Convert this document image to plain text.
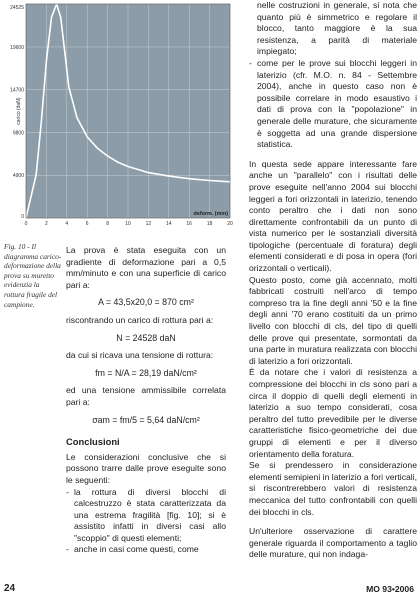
24525
19600
14700
9800
4900
0
0	2	4	6	8	10	12	14	16	18	20
carico (daN)
deform. (mm)
Fig. 10 - Il diagramma carico-deformazione della prova su muretto evidenzia la rottura fragile del campione.

La prova è stata eseguita con un gradiente di deformazione pari a 0,5 mm/minuto e con una superficie di carico pari a:

A = 43,5x20,0 = 870 cm²

riscontrando un carico di rottura pari a:

N = 24528 daN

da cui si ricava una tensione di rottura:

fm = N/A = 28,19 daN/cm²

ed una tensione ammissibile correlata pari a:

σam = fm/5 = 5,64 daN/cm²

Conclusioni

Le considerazioni conclusive che si possono trarre dalle prove eseguite sono le seguenti:

- la rottura di diversi blocchi di calcestruzzo è stata caratterizzata da una estrema fragilità [fig. 10]; si è assistito infatti in diversi casi allo "scoppio" di questi elementi;
- anche in casi come questi, come

nelle costruzioni in generale, si nota che quanto più è simmetrico e regolare il blocco, tanto maggiore è la sua resistenza, a parità di materiale impiegato;

- come per le prove sui blocchi leggeri in laterizio (cfr. M.O. n. 84 - Settembre 2004), anche in questo caso non è possibile correlare in modo esaustivo i dati di prova con la "popolazione" in generale delle murature, che sicuramente è soggetta ad una grande dispersione statistica.

In questa sede appare interessante fare anche un "parallelo" con i risultati delle prove eseguite nell'anno 2004 sui blocchi leggeri a fori orizzontali in laterizio, tenendo conto peraltro che i dati non sono direttamente confrontabili da un punto di vista numerico per le sostanziali diversità tipologiche (percentuale di foratura) degli elementi considerati e di posa in opera (fori orizzontali o verticali).

Questo posto, come già accennato, molti fabbricati costruiti nell'arco di tempo compreso tra la fine degli anni '50 e la fine degli anni '70 erano costituiti da un primo livello con blocchi di cls, del tipo di quelli delle prove qui presentate, sormontati da una parte in muratura realizzata con blocchi di laterizio a fori orizzontali.

È da notare che i valori di resistenza a compressione dei blocchi in cls sono pari a circa il doppio di quelli degli elementi in laterizio a suo tempo considerati, cosa peraltro del tutto prevedibile per le diverse caratteristiche fisico-geometriche dei due gruppi di elementi e per il diverso orientamento della foratura.

Se si prendessero in considerazione elementi semipieni in laterizio a fori verticali, si riscontrerebbero valori di resistenza meccanica del tutto confrontabili con quelli dei blocchi in cls.

Un'ulteriore osservazione di carattere generale riguarda il comportamento a taglio delle murature, qui non indaga-

24	MO 93•2006
